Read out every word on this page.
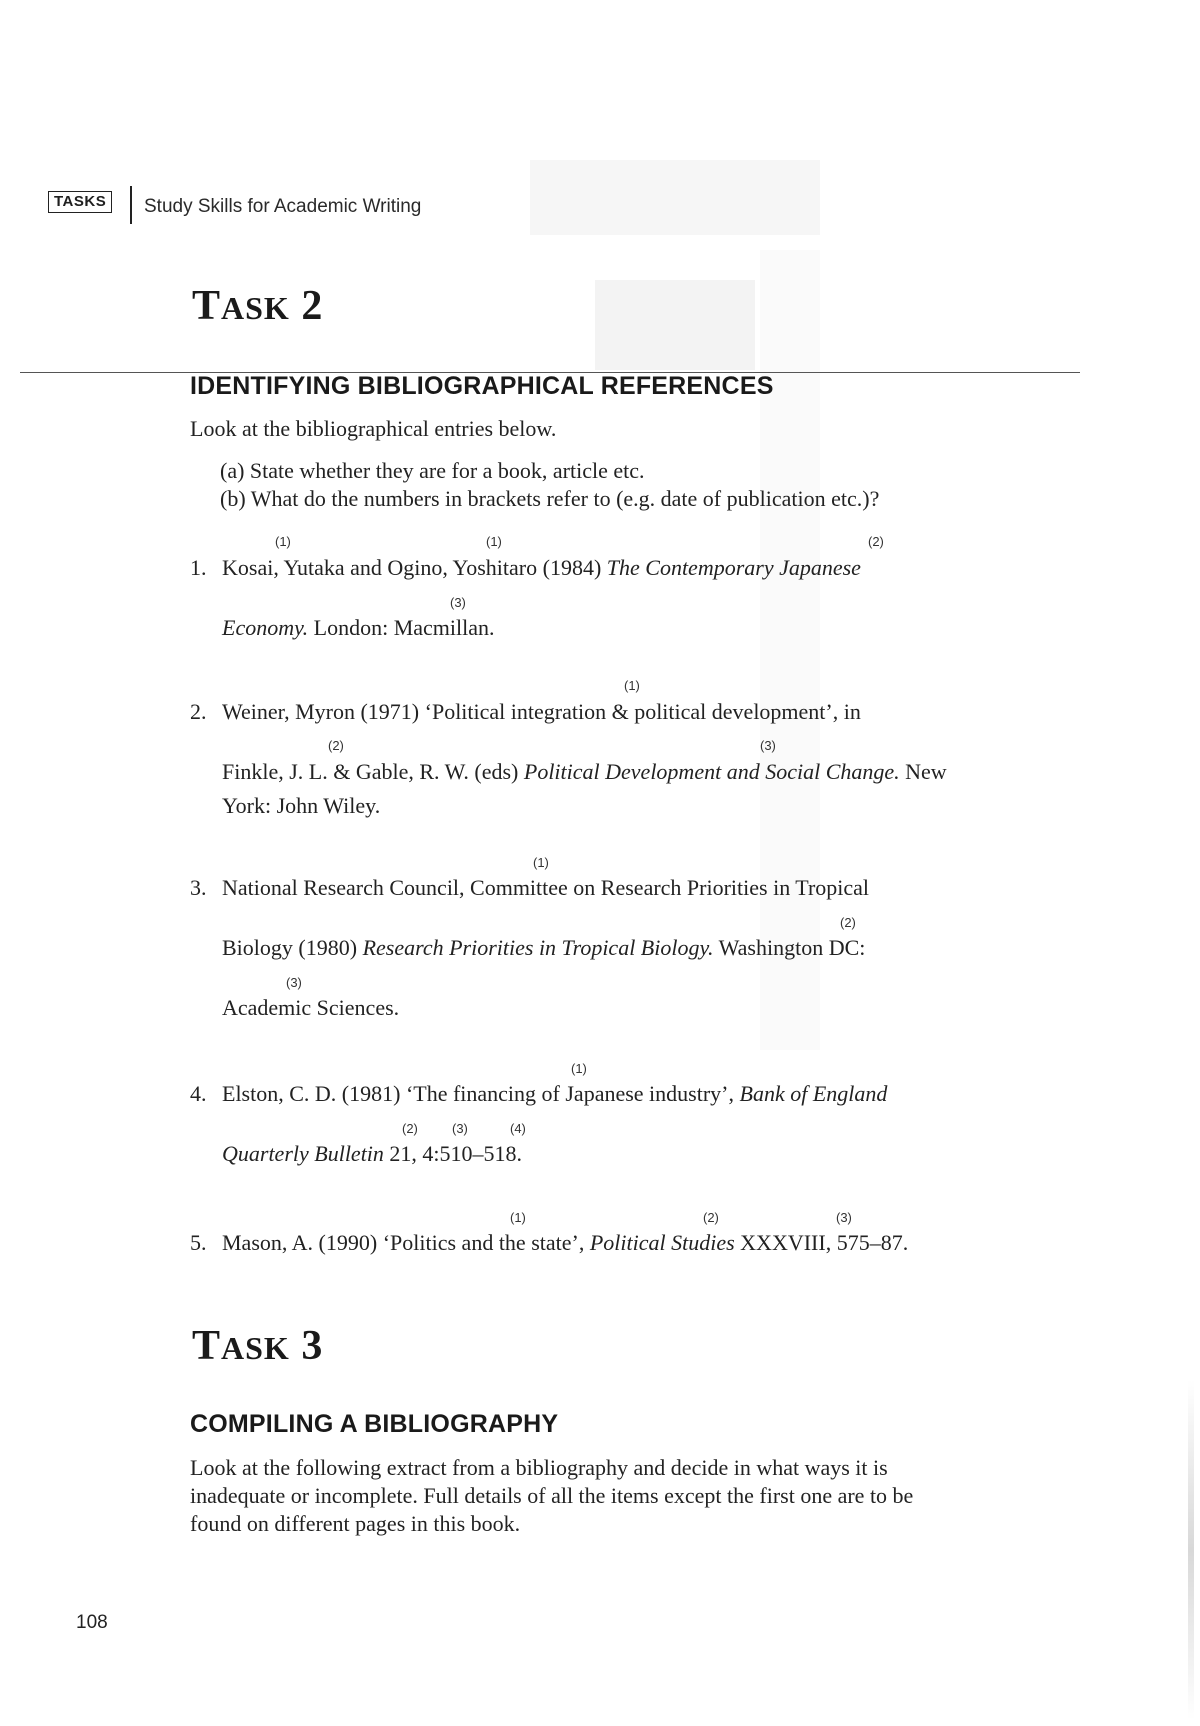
TASKS	Study Skills for Academic Writing
TASK 2
IDENTIFYING BIBLIOGRAPHICAL REFERENCES
Look at the bibliographical entries below.
(a) State whether they are for a book, article etc.
(b) What do the numbers in brackets refer to (e.g. date of publication etc.)?
1. Kosai, Yutaka and Ogino, Yoshitaro (1984) The Contemporary Japanese
Economy. London: Macmillan.
(1)	(1)	(2)
(3)
2. Weiner, Myron (1971) ‘Political integration & political development’, in
Finkle, J. L. & Gable, R. W. (eds) Political Development and Social Change. New
York: John Wiley.
(1)
(2)	(3)
3. National Research Council, Committee on Research Priorities in Tropical
Biology (1980) Research Priorities in Tropical Biology. Washington DC:
Academic Sciences.
(1)
(2)
(3)
4. Elston, C. D. (1981) ‘The financing of Japanese industry’, Bank of England
Quarterly Bulletin 21, 4:510–518.
(1)
(2)	(3)	(4)
5. Mason, A. (1990) ‘Politics and the state’, Political Studies XXXVIII, 575–87.
(1)	(2)	(3)
TASK 3
COMPILING A BIBLIOGRAPHY
Look at the following extract from a bibliography and decide in what ways it is
inadequate or incomplete. Full details of all the items except the first one are to be
found on different pages in this book.
108
